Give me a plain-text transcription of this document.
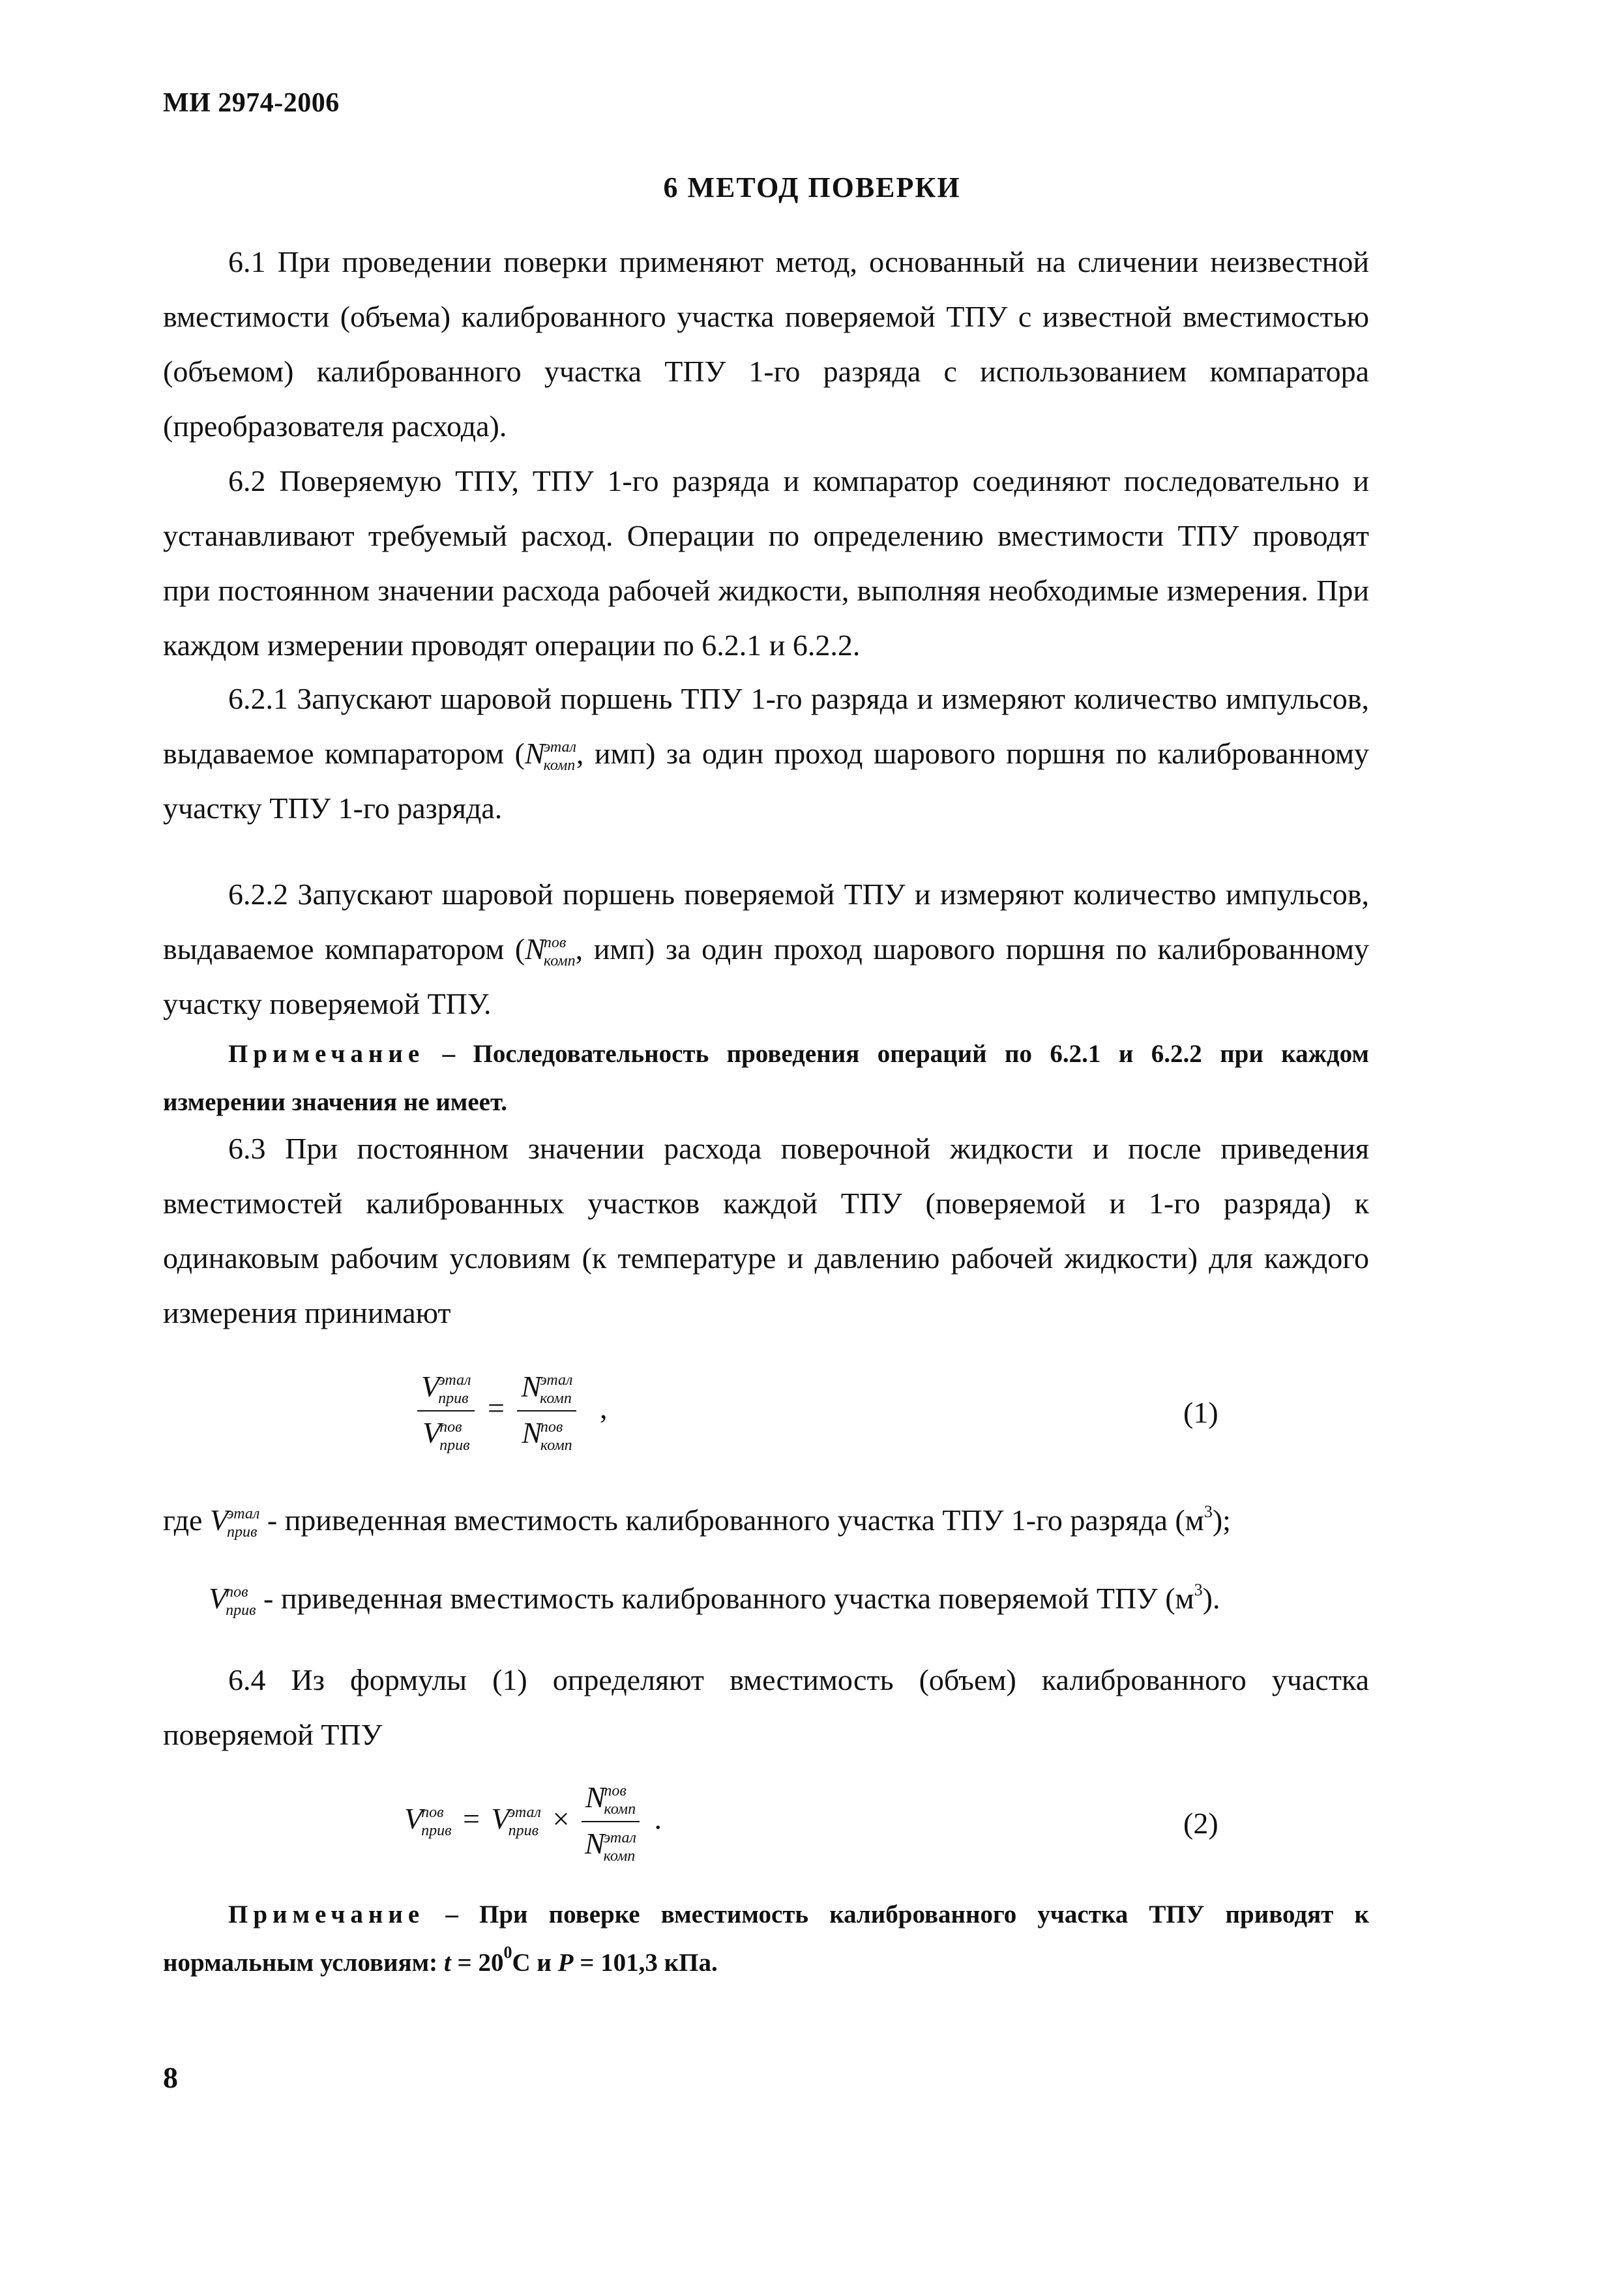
МИ 2974-2006
6 МЕТОД ПОВЕРКИ

6.1 При проведении поверки применяют метод, основанный на сличении неизвестной вместимости (объема) калиброванного участка поверяемой ТПУ с известной вместимостью (объемом) калиброванного участка ТПУ 1-го разряда с использованием компаратора (преобразователя расхода).

6.2 Поверяемую ТПУ, ТПУ 1-го разряда и компаратор соединяют последовательно и устанавливают требуемый расход. Операции по определению вместимости ТПУ проводят при постоянном значении расхода рабочей жидкости, выполняя необходимые измерения. При каждом измерении проводят операции по 6.2.1 и 6.2.2.

6.2.1 Запускают шаровой поршень ТПУ 1-го разряда и измеряют количество импульсов, выдаваемое компаратором (N
этал
комп , имп) за один проход шарового поршня по калиброванному участку ТПУ 1-го разряда.

6.2.2 Запускают шаровой поршень поверяемой ТПУ и измеряют количество импульсов, выдаваемое компаратором (N
пов
комп , имп) за один проход шарового поршня по калиброванному участку поверяемой ТПУ.

Примечание – Последовательность проведения операций по 6.2.1 и 6.2.2 при каждом измерении значения не имеет.

6.3 При постоянном значении расхода поверочной жидкости и после приведения вместимостей калиброванных участков каждой ТПУ (поверяемой и 1-го разряда) к одинаковым рабочим условиям (к температуре и давлению рабочей жидкости) для каждого измерения принимают

V
этал
прив
V
пов
прив = N
этал
комп
N
пов
комп ,	(1)

где V
этал
прив - приведенная вместимость калиброванного участка ТПУ 1-го разряда $(м^3)$;

V
пов
прив - приведенная вместимость калиброванного участка поверяемой ТПУ $(м^3)$.

6.4 Из формулы (1) определяют вместимость (объем) калиброванного участка поверяемой ТПУ

V
пов
прив = V
этал
прив × N
пов
комп
N
этал
комп .	(2)

Примечание – При поверке вместимость калиброванного участка ТПУ приводят к нормальным условиям: $t = 20^0С$ и P = 101,3 кПа.

8
